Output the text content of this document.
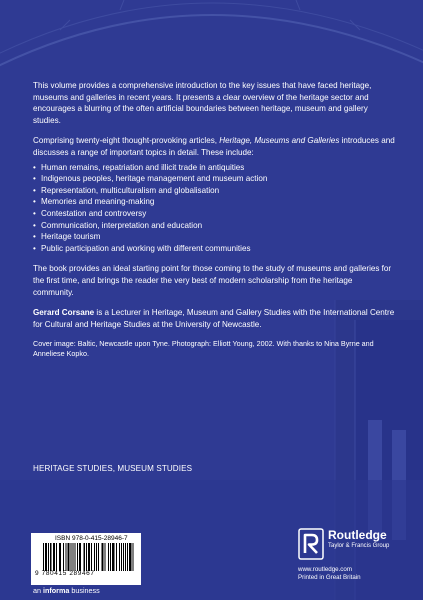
This volume provides a comprehensive introduction to the key issues that have faced heritage, museums and galleries in recent years. It presents a clear overview of the heritage sector and encourages a blurring of the often artificial boundaries between heritage, museum and gallery studies.

Comprising twenty-eight thought-provoking articles, Heritage, Museums and Galleries introduces and discusses a range of important topics in detail. These include:

• Human remains, repatriation and illicit trade in antiquities
• Indigenous peoples, heritage management and museum action
• Representation, multiculturalism and globalisation
• Memories and meaning-making
• Contestation and controversy
• Communication, interpretation and education
• Heritage tourism
• Public participation and working with different communities

The book provides an ideal starting point for those coming to the study of museums and galleries for the first time, and brings the reader the very best of modern scholarship from the heritage community.

Gerard Corsane is a Lecturer in Heritage, Museum and Gallery Studies with the International Centre for Cultural and Heritage Studies at the University of Newcastle.

Cover image: Baltic, Newcastle upon Tyne. Photograph: Elliott Young, 2002. With thanks to Nina Byrne and Anneliese Kopko.

HERITAGE STUDIES, MUSEUM STUDIES

ISBN 978-0-415-28946-7
9 780415 289467
an informa business
Routledge
Taylor & Francis Group
www.routledge.com
Printed in Great Britain
